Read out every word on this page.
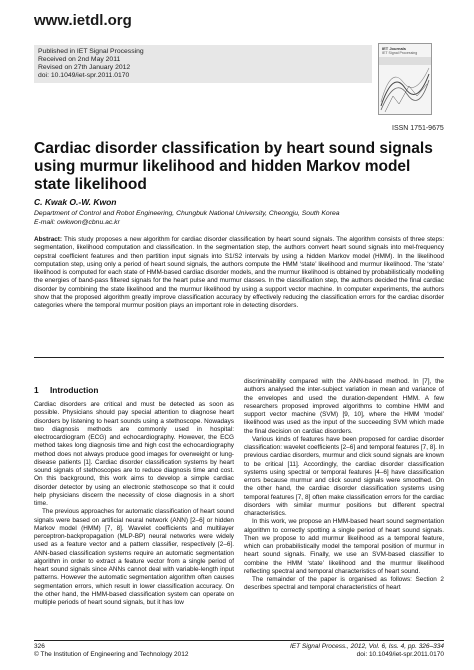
www.ietdl.org
Published in IET Signal Processing
Received on 2nd May 2011
Revised on 27th January 2012
doi: 10.1049/iet-spr.2011.0170
IET Journals
IET Signal Processing
ISSN 1751-9675
Cardiac disorder classification by heart sound signals using murmur likelihood and hidden Markov model state likelihood
C. Kwak O.-W. Kwon
Department of Control and Robot Engineering, Chungbuk National University, Cheongju, South Korea
E-mail: owkwon@cbnu.ac.kr

Abstract: This study proposes a new algorithm for cardiac disorder classification by heart sound signals. The algorithm consists of three steps: segmentation, likelihood computation and classification. In the segmentation step, the authors convert heart sound signals into mel-frequency cepstral coefficient features and then partition input signals into S1/S2 intervals by using a hidden Markov model (HMM). In the likelihood computation step, using only a period of heart sound signals, the authors compute the HMM ‘state’ likelihood and murmur likelihood. The ‘state’ likelihood is computed for each state of HMM-based cardiac disorder models, and the murmur likelihood is obtained by probabilistically modelling the energies of band-pass filtered signals for the heart pulse and murmur classes. In the classification step, the authors decided the final cardiac disorder by combining the state likelihood and the murmur likelihood by using a support vector machine. In computer experiments, the authors show that the proposed algorithm greatly improve classification accuracy by effectively reducing the classification errors for the cardiac disorder categories where the temporal murmur position plays an important role in detecting disorders.

1 Introduction

Cardiac disorders are critical and must be detected as soon as possible. Physicians should pay special attention to diagnose heart disorders by listening to heart sounds using a stethoscope. Nowadays two diagnosis methods are commonly used in hospital: electrocardiogram (ECG) and echocardiography. However, the ECG method takes long diagnosis time and high cost the echocardiography method does not always produce good images for overweight or lung-disease patients [1]. Cardiac disorder classification systems by heart sound signals of stethoscopes are to reduce diagnosis time and cost. On this background, this work aims to develop a simple cardiac disorder detector by using an electronic stethoscope so that it could help physicians discern the necessity of close diagnosis in a short time.

The previous approaches for automatic classification of heart sound signals were based on artificial neural network (ANN) [2–6] or hidden Markov model (HMM) [7, 8]. Wavelet coefficients and multilayer perceptron-backpropagation (MLP-BP) neural networks were widely used as a feature vector and a pattern classifier, respectively [2–6]. ANN-based classification systems require an automatic segmentation algorithm in order to extract a feature vector from a single period of heart sound signals since ANNs cannot deal with variable-length input patterns. However the automatic segmentation algorithm often causes segmentation errors, which result in lower classification accuracy. On the other hand, the HMM-based classification system can operate on multiple periods of heart sound signals, but it has low

discriminability compared with the ANN-based method. In [7], the authors analysed the inter-subject variation in mean and variance of the envelopes and used the duration-dependent HMM. A few researchers proposed improved algorithms to combine HMM and support vector machine (SVM) [9, 10], where the HMM ‘model’ likelihood was used as the input of the succeeding SVM which made the final decision on cardiac disorders.

Various kinds of features have been proposed for cardiac disorder classification: wavelet coefficients [2–6] and temporal features [7, 8]. In previous cardiac disorders, murmur and click sound signals are known to be critical [11]. Accordingly, the cardiac disorder classification systems using spectral or temporal features [4–6] have classification errors because murmur and click sound signals were smoothed. On the other hand, the cardiac disorder classification systems using temporal features [7, 8] often make classification errors for the cardiac disorders with similar murmur positions but different spectral characteristics.

In this work, we propose an HMM-based heart sound segmentation algorithm to correctly spotting a single period of heart sound signals. Then we propose to add murmur likelihood as a temporal feature, which can probabilistically model the temporal position of murmur in heart sound signals. Finally, we use an SVM-based classifier to combine the HMM ‘state’ likelihood and the murmur likelihood reflecting spectral and temporal characteristics of heart sound.

The remainder of the paper is organised as follows: Section 2 describes spectral and temporal characteristics of heart

326
© The Institution of Engineering and Technology 2012
IET Signal Process., 2012, Vol. 6, Iss. 4, pp. 326–334
doi: 10.1049/iet-spr.2011.0170
